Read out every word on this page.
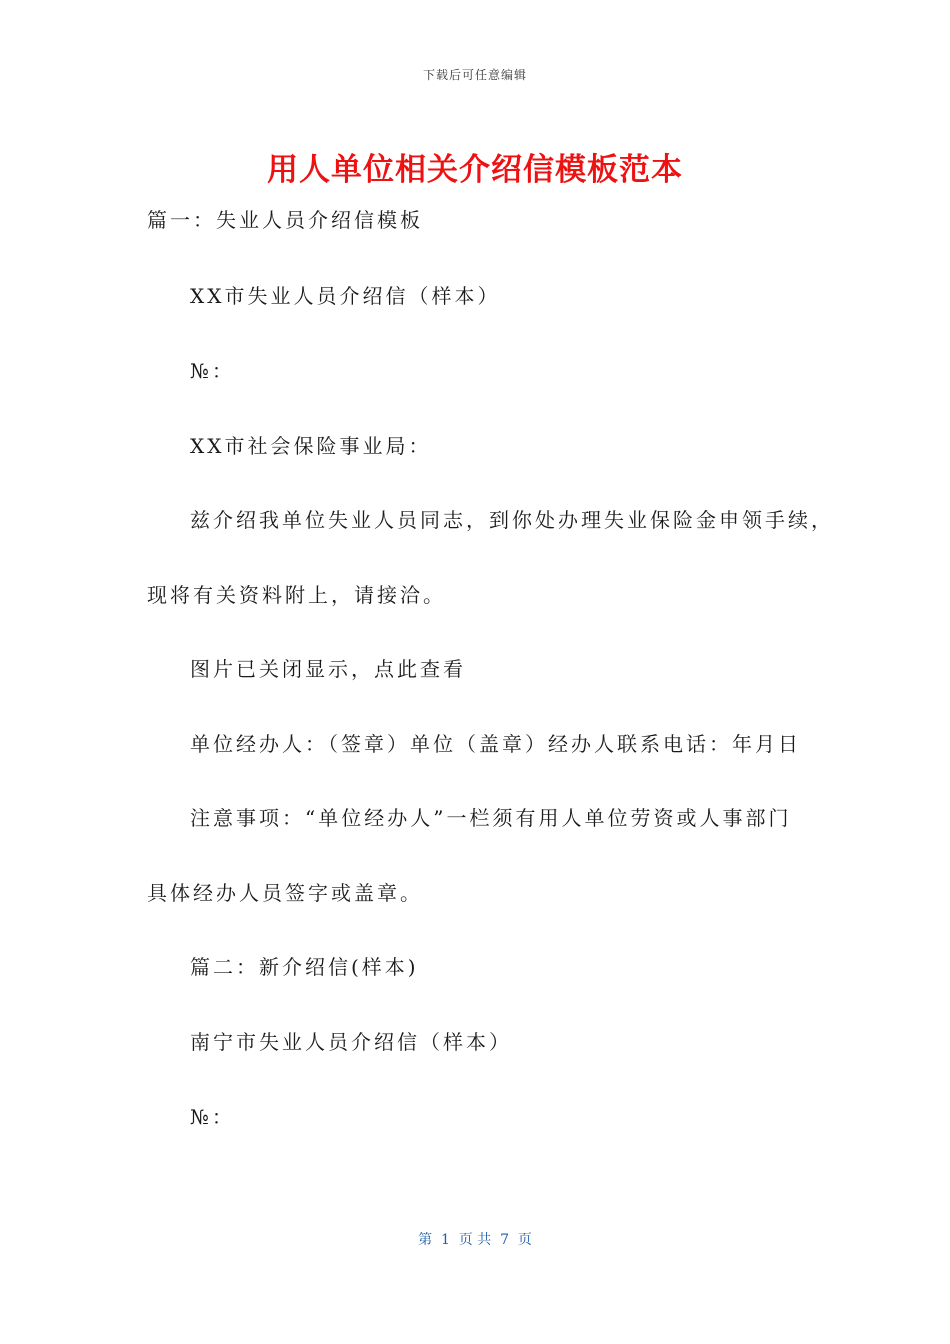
下载后可任意编辑
用人单位相关介绍信模板范本
篇一：失业人员介绍信模板
XX市失业人员介绍信（样本）
№：
XX市社会保险事业局：
兹介绍我单位失业人员同志，到你处办理失业保险金申领手续，
现将有关资料附上，请接洽。
图片已关闭显示，点此查看
单位经办人：（签章）单位（盖章）经办人联系电话：年月日
注意事项：“单位经办人”一栏须有用人单位劳资或人事部门
具体经办人员签字或盖章。
篇二：新介绍信(样本)
南宁市失业人员介绍信（样本）
№：
第  1  页 共  7  页
